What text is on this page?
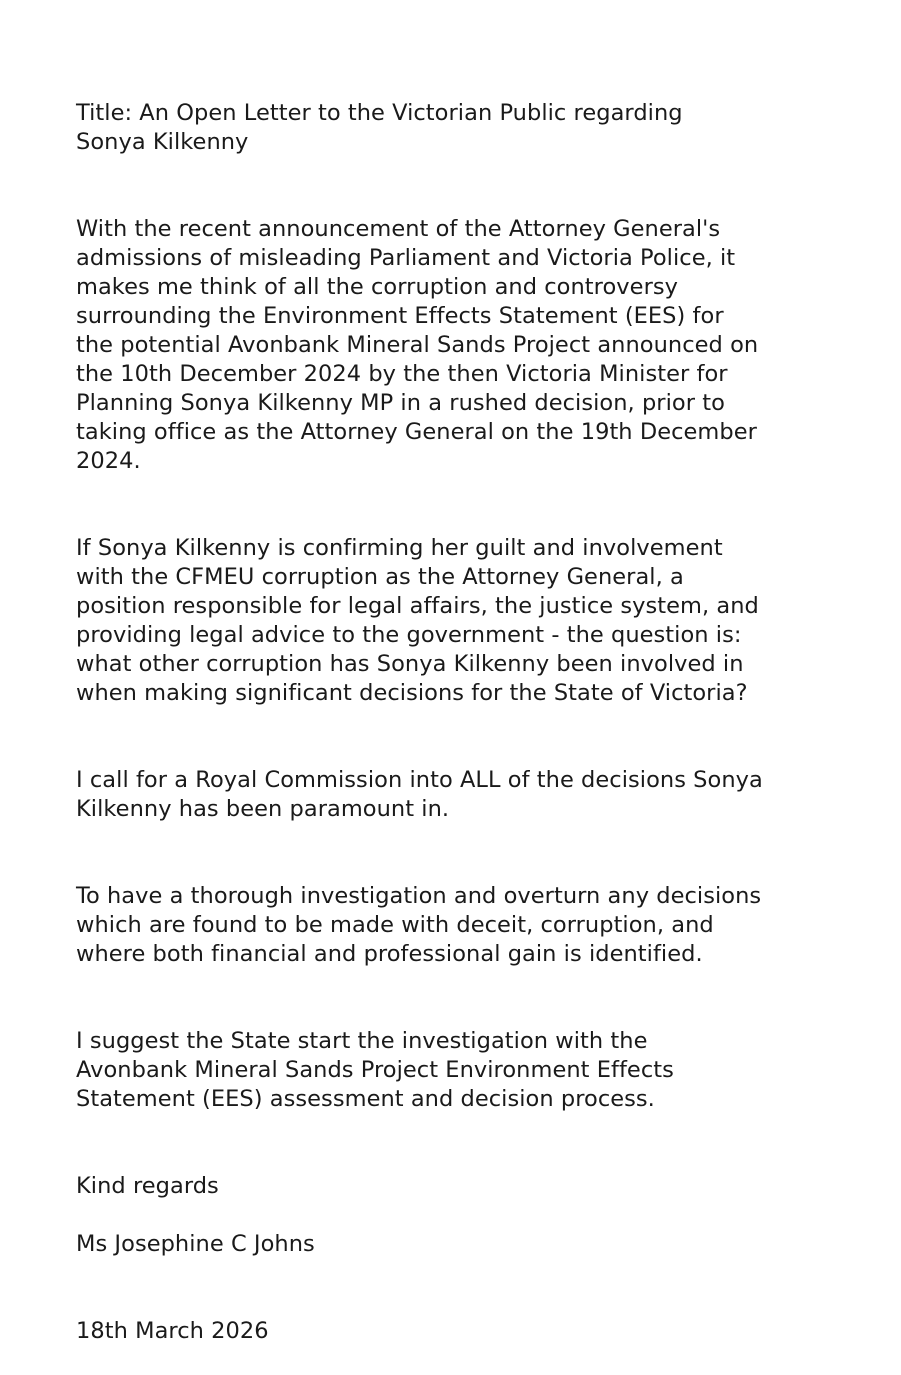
Title: An Open Letter to the Victorian Public regarding
Sonya Kilkenny

With the recent announcement of the Attorney General's
admissions of misleading Parliament and Victoria Police, it
makes me think of all the corruption and controversy
surrounding the Environment Effects Statement (EES) for
the potential Avonbank Mineral Sands Project announced on
the 10th December 2024 by the then Victoria Minister for
Planning Sonya Kilkenny MP in a rushed decision, prior to
taking office as the Attorney General on the 19th December
2024.

If Sonya Kilkenny is confirming her guilt and involvement
with the CFMEU corruption as the Attorney General, a
position responsible for legal affairs, the justice system, and
providing legal advice to the government - the question is:
what other corruption has Sonya Kilkenny been involved in
when making significant decisions for the State of Victoria?

I call for a Royal Commission into ALL of the decisions Sonya
Kilkenny has been paramount in.

To have a thorough investigation and overturn any decisions
which are found to be made with deceit, corruption, and
where both financial and professional gain is identified.

I suggest the State start the investigation with the
Avonbank Mineral Sands Project Environment Effects
Statement (EES) assessment and decision process.

Kind regards

Ms Josephine C Johns

18th March 2026
